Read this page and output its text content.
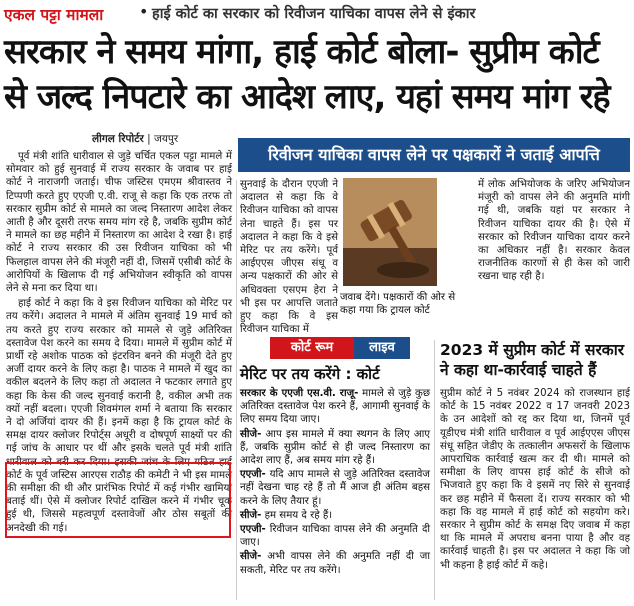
एकल पट्टा मामला • हाई कोर्ट का सरकार को रिवीजन याचिका वापस लेने से इंकार
सरकार ने समय मांगा, हाई कोर्ट बोला- सुप्रीम कोर्ट
से जल्द निपटारे का आदेश लाए, यहां समय मांग रहे
लीगल रिपोर्टर | जयपुर
रिवीजन याचिका वापस लेने पर पक्षकारों ने जताई आपत्ति

पूर्व मंत्री शांति धारीवाल से जुड़े चर्चित एकल पट्टा मामले में सोमवार को हुई सुनवाई में राज्य सरकार के जवाब पर हाई कोर्ट ने नाराजगी जताई। चीफ जस्टिस एमएम श्रीवास्तव ने टिप्पणी करते हुए एएजी ए.वी. राजू से कहा कि एक तरफ तो सरकार सुप्रीम कोर्ट से मामले का जल्द निस्तारण आदेश लेकर आती है और दूसरी तरफ समय मांग रहे है, जबकि सुप्रीम कोर्ट ने मामले का छह महीने में निस्तारण का आदेश दे रखा है। हाई कोर्ट ने राज्य सरकार की उस रिवीजन याचिका को भी फिलहाल वापस लेने की मंजूरी नहीं दी, जिसमें एसीबी कोर्ट के आरोपियों के खिलाफ दी गई अभियोजन स्वीकृति को वापस लेने से मना कर दिया था।

हाई कोर्ट ने कहा कि वे इस रिवीजन याचिका को मेरिट पर तय करेंगे। अदालत ने मामले में अंतिम सुनवाई 19 मार्च को तय करते हुए राज्य सरकार को मामले से जुड़े अतिरिक्त दस्तावेज पेश करने का समय दे दिया। मामले में सुप्रीम कोर्ट में प्रार्थी रहे अशोक पाठक को इंटरविन बनने की मंजूरी देते हुए अर्जी दायर करने के लिए कहा है। पाठक ने मामले में खुद का वकील बदलने के लिए कहा तो अदालत ने फटकार लगाते हुए कहा कि केस की जल्द सुनवाई करानी है, वकील अभी तक क्यों नहीं बदला। एएजी शिवमंगल शर्मा ने बताया कि सरकार ने दो अर्जियां दायर की हैं। इनमें कहा है कि ट्रायल कोर्ट के समक्ष दायर क्लोजर रिपोर्ट्स अधूरी व दोषपूर्ण साक्ष्यों पर की गई जांच के आधार पर थीं और इसके चलते पूर्व मंत्री शांति धारीवाल को बरी कर दिया। इसकी जांच के लिए गठित हाई कोर्ट के पूर्व जस्टिस आरएस राठौड़ की कमेटी ने भी इस मामले की समीक्षा की थी और प्रारंभिक रिपोर्ट में कई गंभीर खामियां बताई थीं। ऐसे में क्लोजर रिपोर्ट दाखिल करने में गंभीर चूक हुई थी, जिससे महत्वपूर्ण दस्तावेजों और ठोस सबूतों की अनदेखी की गई।

सुनवाई के दौरान एएजी ने अदालत से कहा कि वे रिवीजन याचिका को वापस लेना चाहते हैं। इस पर अदालत ने कहा कि वे इसे मेरिट पर तय करेंगे। पूर्व आईएएस जीएस संधू व अन्य पक्षकारों की ओर से अधिवक्ता एसएम हेरा ने भी इस पर आपत्ति जताते हुए कहा कि वे इस रिवीजन याचिका में

जवाब देंगे। पक्षकारों की ओर से कहा गया कि ट्रायल कोर्ट

में लोक अभियोजक के जरिए अभियोजन मंजूरी को वापस लेने की अनुमति मांगी गई थी, जबकि यहां पर सरकार ने रिवीजन याचिका दायर की है। ऐसे में सरकार को रिवीजन याचिका दायर करने का अधिकार नहीं है। सरकार केवल राजनीतिक कारणों से ही केस को जारी रखना चाह रही है।

कोर्ट रूम	लाइव
मेरिट पर तय करेंगे : कोर्ट

सरकार के एएजी एस.वी. राजू- मामले से जुड़े कुछ अतिरिक्त दस्तावेज पेश करने हैं, आगामी सुनवाई के लिए समय दिया जाए।

सीजे- आप इस मामले में क्या स्थगन के लिए आए हैं, जबकि सुप्रीम कोर्ट से ही जल्द निस्तारण का आदेश लाए हैं, अब समय मांग रहे हैं।

एएजी- यदि आप मामले से जुड़े अतिरिक्त दस्तावेज नहीं देखना चाह रहे हैं तो मैं आज ही अंतिम बहस करने के लिए तैयार हूं।

सीजे- हम समय दे रहे हैं।

एएजी- रिवीजन याचिका वापस लेने की अनुमति दी जाए।

सीजे- अभी वापस लेने की अनुमति नहीं दी जा सकती, मेरिट पर तय करेंगे।

2023 में सुप्रीम कोर्ट में सरकार
ने कहा था-कार्रवाई चाहते हैं

सुप्रीम कोर्ट ने 5 नवंबर 2024 को राजस्थान हाई कोर्ट के 15 नवंबर 2022 व 17 जनवरी 2023 के उन आदेशों को रद्द कर दिया था, जिनमें पूर्व यूडीएच मंत्री शांति धारीवाल व पूर्व आईएएस जीएस संधू सहित जेडीए के तत्कालीन अफसरों के खिलाफ आपराधिक कार्रवाई खत्म कर दी थी। मामले को समीक्षा के लिए वापस हाई कोर्ट के सीजे को भिजवाते हुए कहा कि वे इसमें नए सिरे से सुनवाई कर छह महीने में फैसला दें। राज्य सरकार को भी कहा कि वह मामले में हाई कोर्ट को सहयोग करे। सरकार ने सुप्रीम कोर्ट के समक्ष दिए जवाब में कहा था कि मामले में अपराध बनना पाया है और वह कार्रवाई चाहती है। इस पर अदालत ने कहा कि जो भी कहना है हाई कोर्ट में कहे।
